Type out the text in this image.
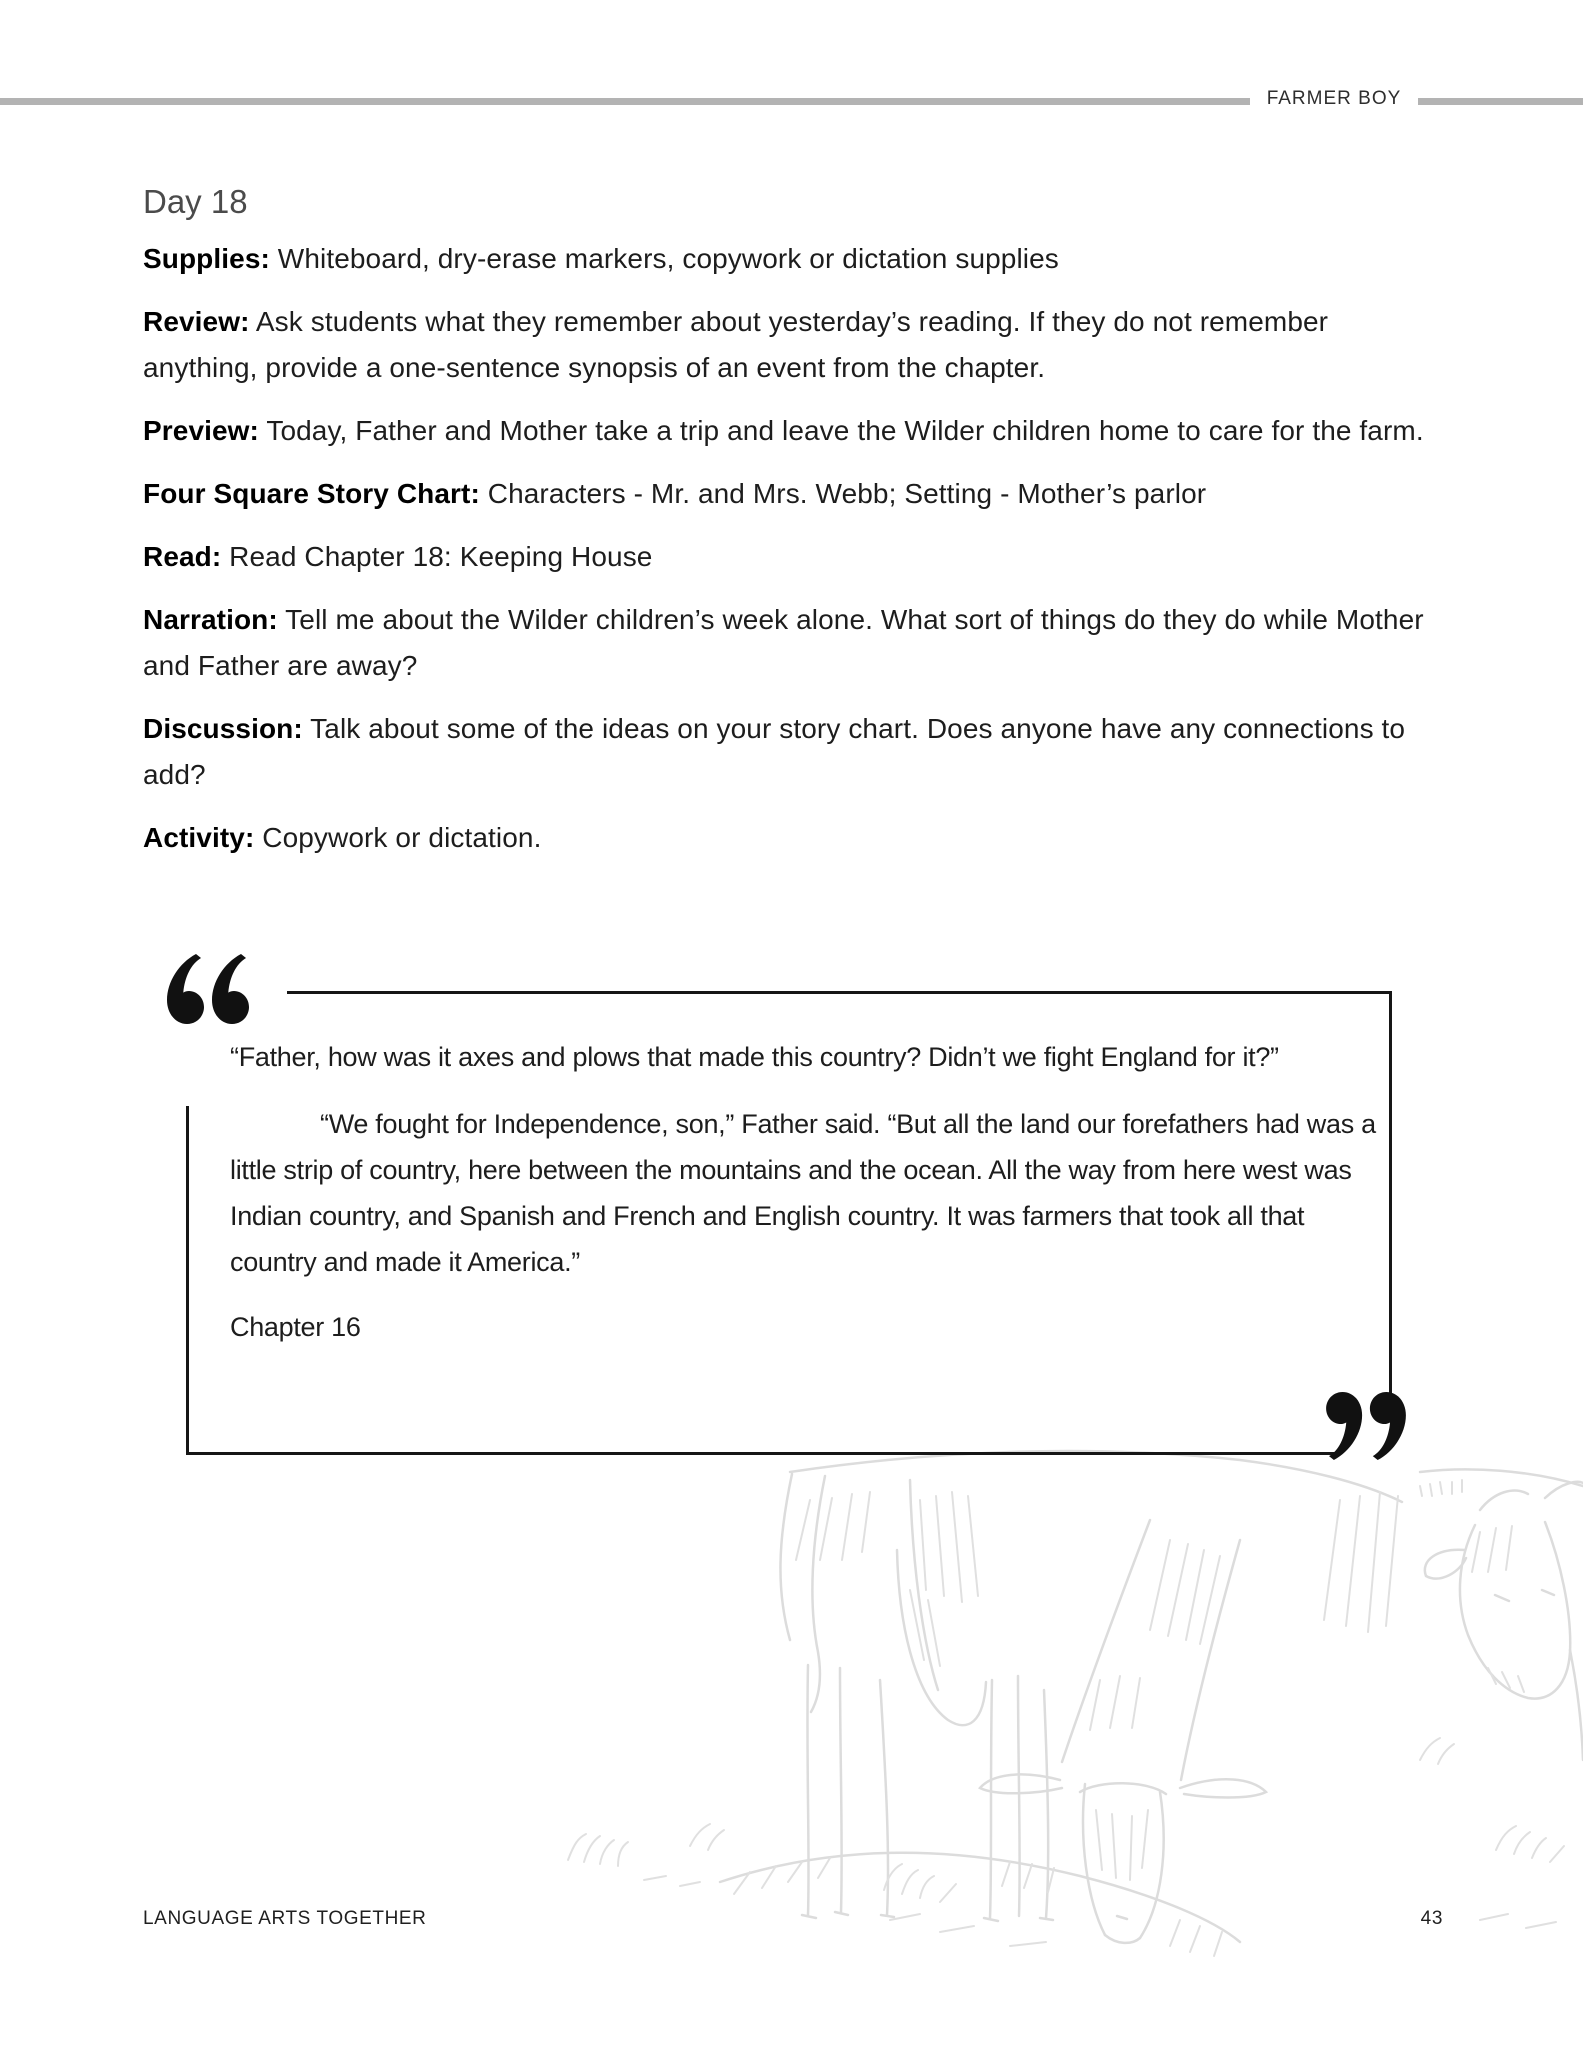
FARMER BOY
Day 18

Supplies: Whiteboard, dry-erase markers, copywork or dictation supplies

Review: Ask students what they remember about yesterday’s reading. If they do not remember anything, provide a one-sentence synopsis of an event from the chapter.

Preview: Today, Father and Mother take a trip and leave the Wilder children home to care for the farm.

Four Square Story Chart: Characters - Mr. and Mrs. Webb; Setting - Mother’s parlor

Read: Read Chapter 18: Keeping House

Narration: Tell me about the Wilder children’s week alone. What sort of things do they do while Mother and Father are away?

Discussion: Talk about some of the ideas on your story chart. Does anyone have any connections to add?

Activity: Copywork or dictation.

“Father, how was it axes and plows that made this country? Didn’t we fight England for it?”

“We fought for Independence, son,” Father said. “But all the land our forefathers had was a little strip of country, here between the mountains and the ocean. All the way from here west was Indian country, and Spanish and French and English country. It was farmers that took all that country and made it America.”

Chapter 16

LANGUAGE ARTS TOGETHER	43
